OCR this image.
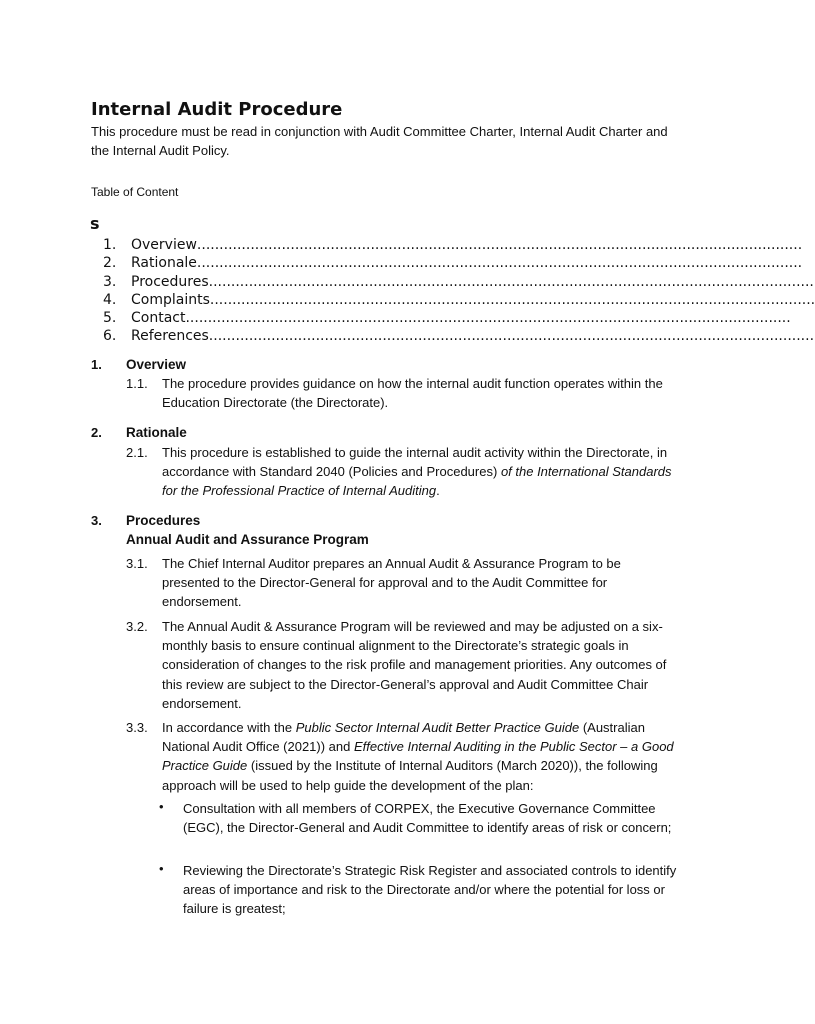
Internal Audit Procedure
This procedure must be read in conjunction with Audit Committee Charter, Internal Audit Charter and the Internal Audit Policy.
Table of Content
s
1.	Overview ........................................................................................................................................
2.	Rationale ........................................................................................................................................
3.	Procedures ........................................................................................................................................
4.	Complaints ........................................................................................................................................
5.	Contact ........................................................................................................................................
6.	References ........................................................................................................................................
1. Overview
1.1. The procedure provides guidance on how the internal audit function operates within the Education Directorate (the Directorate).
2. Rationale
2.1. This procedure is established to guide the internal audit activity within the Directorate, in accordance with Standard 2040 (Policies and Procedures) of the International Standards for the Professional Practice of Internal Auditing.
3. Procedures
Annual Audit and Assurance Program
3.1. The Chief Internal Auditor prepares an Annual Audit & Assurance Program to be presented to the Director-General for approval and to the Audit Committee for endorsement.
3.2. The Annual Audit & Assurance Program will be reviewed and may be adjusted on a six-monthly basis to ensure continual alignment to the Directorate’s strategic goals in consideration of changes to the risk profile and management priorities. Any outcomes of this review are subject to the Director-General’s approval and Audit Committee Chair endorsement.
3.3. In accordance with the Public Sector Internal Audit Better Practice Guide (Australian National Audit Office (2021)) and Effective Internal Auditing in the Public Sector – a Good Practice Guide (issued by the Institute of Internal Auditors (March 2020)), the following approach will be used to help guide the development of the plan:
• Consultation with all members of CORPEX, the Executive Governance Committee (EGC), the Director-General and Audit Committee to identify areas of risk or concern;
• Reviewing the Directorate’s Strategic Risk Register and associated controls to identify areas of importance and risk to the Directorate and/or where the potential for loss or failure is greatest;
